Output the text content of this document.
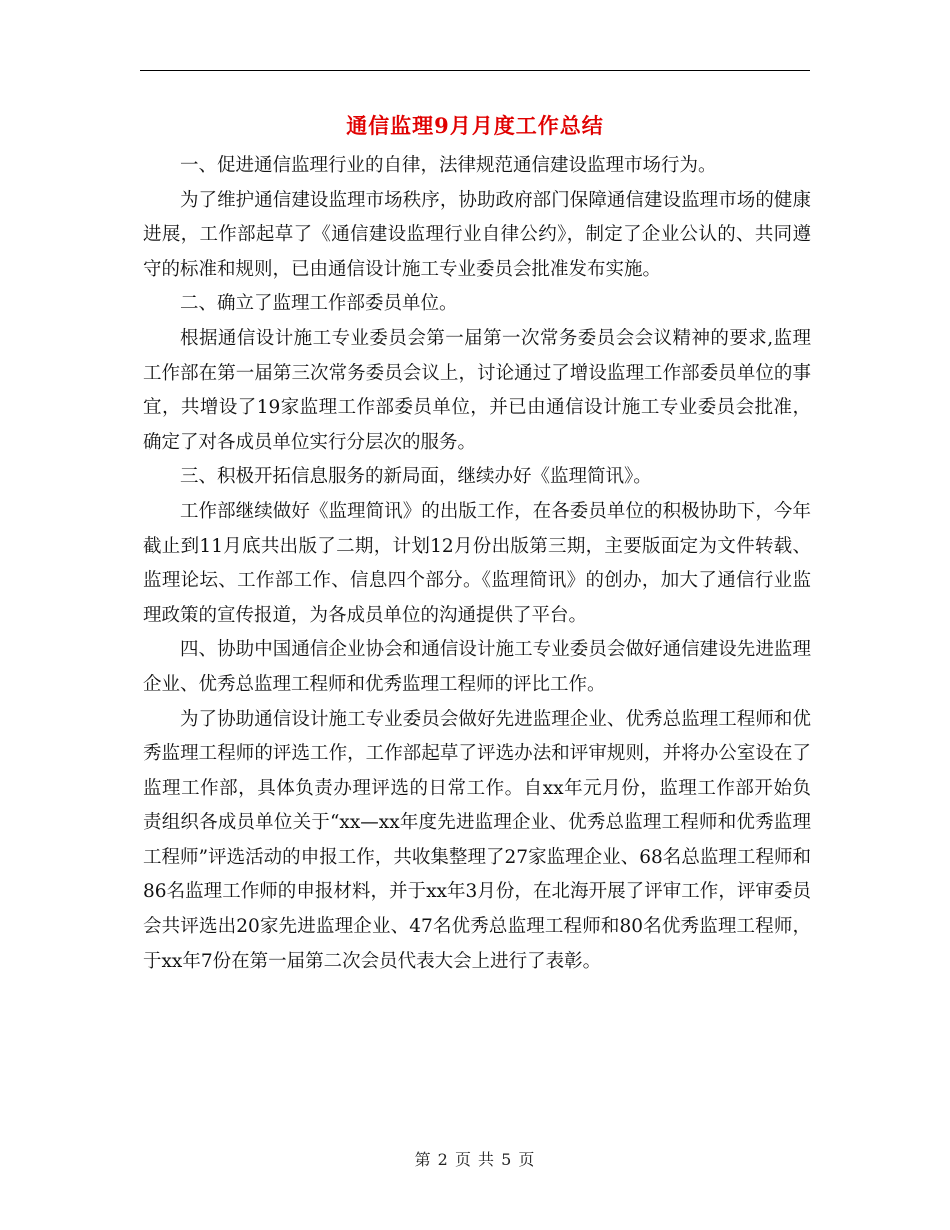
通信监理9月月度工作总结

一、促进通信监理行业的自律，法律规范通信建设监理市场行为。

为了维护通信建设监理市场秩序，协助政府部门保障通信建设监理市场的健康进展，工作部起草了《通信建设监理行业自律公约》，制定了企业公认的、共同遵守的标准和规则，已由通信设计施工专业委员会批准发布实施。

二、确立了监理工作部委员单位。

根据通信设计施工专业委员会第一届第一次常务委员会会议精神的要求,监理工作部在第一届第三次常务委员会议上，讨论通过了增设监理工作部委员单位的事宜，共增设了19家监理工作部委员单位，并已由通信设计施工专业委员会批准，确定了对各成员单位实行分层次的服务。

三、积极开拓信息服务的新局面，继续办好《监理简讯》。

工作部继续做好《监理简讯》的出版工作，在各委员单位的积极协助下，今年截止到11月底共出版了二期，计划12月份出版第三期，主要版面定为文件转载、监理论坛、工作部工作、信息四个部分。《监理简讯》的创办，加大了通信行业监理政策的宣传报道，为各成员单位的沟通提供了平台。

四、协助中国通信企业协会和通信设计施工专业委员会做好通信建设先进监理企业、优秀总监理工程师和优秀监理工程师的评比工作。

为了协助通信设计施工专业委员会做好先进监理企业、优秀总监理工程师和优秀监理工程师的评选工作，工作部起草了评选办法和评审规则，并将办公室设在了监理工作部，具体负责办理评选的日常工作。自xx年元月份，监理工作部开始负责组织各成员单位关于“xx—xx年度先进监理企业、优秀总监理工程师和优秀监理工程师”评选活动的申报工作，共收集整理了27家监理企业、68名总监理工程师和86名监理工作师的申报材料，并于xx年3月份，在北海开展了评审工作，评审委员会共评选出20家先进监理企业、47名优秀总监理工程师和80名优秀监理工程师，于xx年7份在第一届第二次会员代表大会上进行了表彰。

第 2 页 共 5 页
